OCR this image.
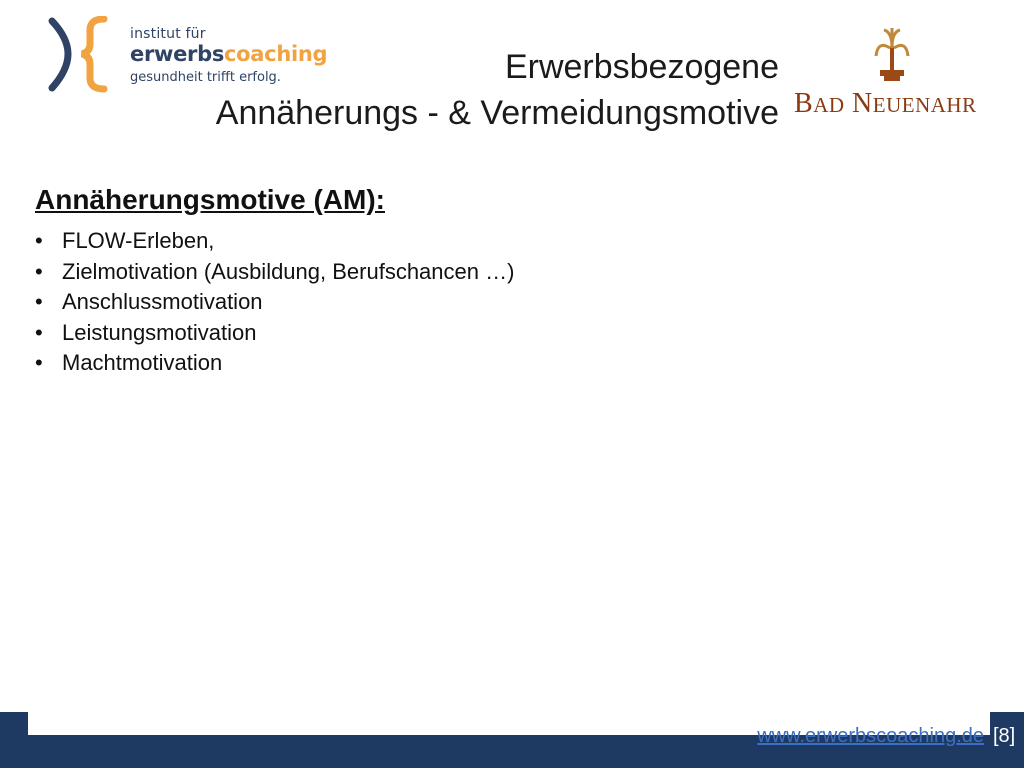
institut für
erwerbscoaching
gesundheit trifft erfolg.	Erwerbsbezogene
Annäherungs - & Vermeidungsmotive BAD NEUENAHR
Annäherungsmotive (AM):
• FLOW-Erleben,
• Zielmotivation (Ausbildung, Berufschancen …)
• Anschlussmotivation
• Leistungsmotivation
• Machtmotivation
www.erwerbscoaching.de [8]
